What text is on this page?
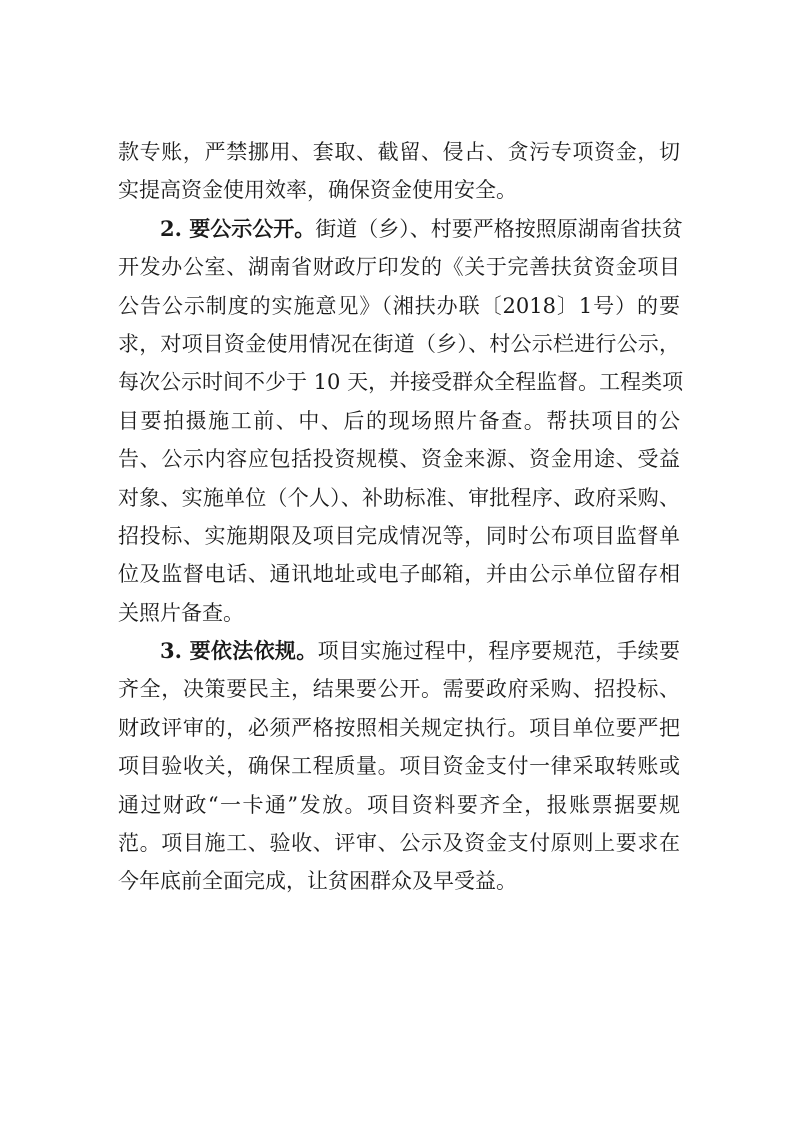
款专账，严禁挪用、套取、截留、侵占、贪污专项资金，切
实提高资金使用效率，确保资金使用安全。
2. 要公示公开。街道（乡）、村要严格按照原湖南省扶贫
开发办公室、湖南省财政厅印发的《关于完善扶贫资金项目
公告公示制度的实施意见》（湘扶办联〔2018〕1号）的要
求，对项目资金使用情况在街道（乡）、村公示栏进行公示，
每次公示时间不少于 10 天，并接受群众全程监督。工程类项
目要拍摄施工前、中、后的现场照片备查。帮扶项目的公
告、公示内容应包括投资规模、资金来源、资金用途、受益
对象、实施单位（个人）、补助标准、审批程序、政府采购、
招投标、实施期限及项目完成情况等，同时公布项目监督单
位及监督电话、通讯地址或电子邮箱，并由公示单位留存相
关照片备查。
3. 要依法依规。项目实施过程中，程序要规范，手续要
齐全，决策要民主，结果要公开。需要政府采购、招投标、
财政评审的，必须严格按照相关规定执行。项目单位要严把
项目验收关，确保工程质量。项目资金支付一律采取转账或
通过财政“一卡通”发放。项目资料要齐全，报账票据要规
范。项目施工、验收、评审、公示及资金支付原则上要求在
今年底前全面完成，让贫困群众及早受益。
